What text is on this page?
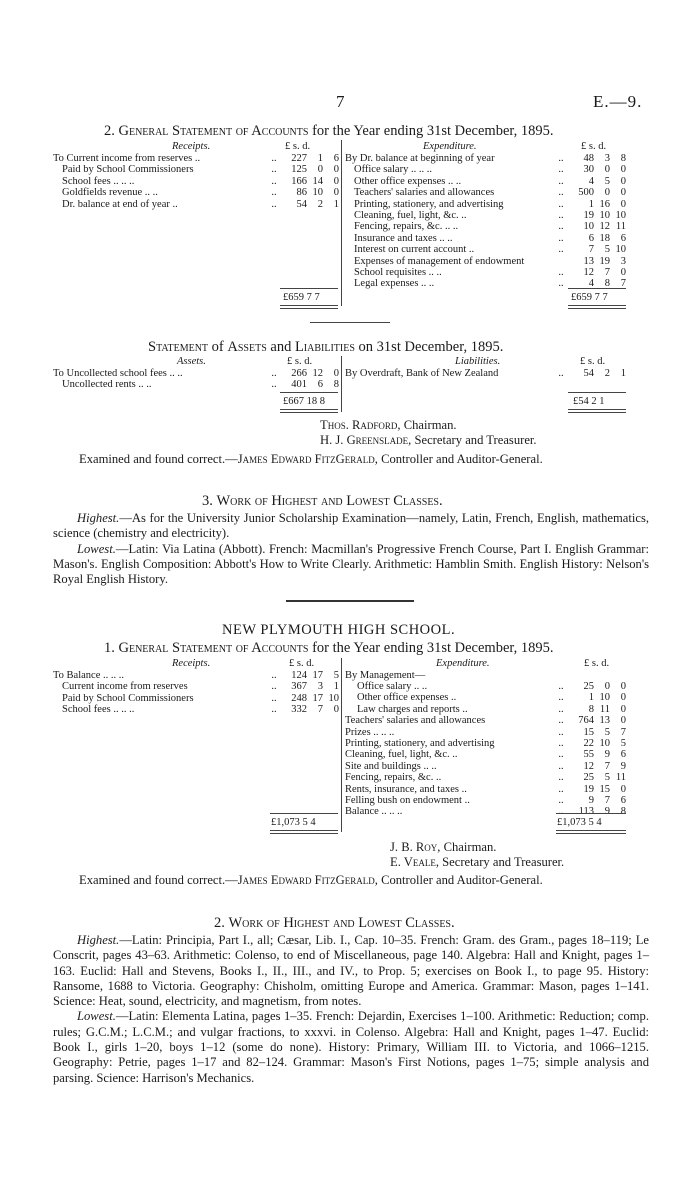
7	E.—9.
2. General Statement of Accounts for the Year ending 31st December, 1895.
Receipts.	£ s. d.	Expenditure.	£ s. d.
To Current income from reserves ..	..	227	1	6
Paid by School Commissioners	..	125	0	0
School fees .. .. ..	..	166	14	0
Goldfields revenue .. ..	..	86	10	0
Dr. balance at end of year ..	..	54	2	1
By Dr. balance at beginning of year	..	48	3	8
Office salary .. .. ..	..	30	0	0
Other office expenses .. ..	..	4	5	0
Teachers' salaries and allowances	..	500	0	0
Printing, stationery, and advertising	..	1	16	0
Cleaning, fuel, light, &c. ..	..	19	10	10
Fencing, repairs, &c. .. ..	..	10	12	11
Insurance and taxes .. ..	..	6	18	6
Interest on current account ..	..	7	5	10
Expenses of management of endowment		13	19	3
School requisites .. ..	..	12	7	0
Legal expenses .. ..	..	4	8	7
£659 7 7	£659 7 7
Statement of Assets and Liabilities on 31st December, 1895.
Assets.	£ s. d.	Liabilities.	£ s. d.
To Uncollected school fees .. ..	..	266	12	0
Uncollected rents .. ..	..	401	6	8
By Overdraft, Bank of New Zealand	..	54	2	1
£667 18 8	£54 2 1
Thos. Radford, Chairman.
H. J. Greenslade, Secretary and Treasurer.
Examined and found correct.—James Edward FitzGerald, Controller and Auditor-General.
3. Work of Highest and Lowest Classes.

Highest.—As for the University Junior Scholarship Examination—namely, Latin, French, English, mathematics, science (chemistry and electricity).

Lowest.—Latin: Via Latina (Abbott). French: Macmillan's Progressive French Course, Part I. English Grammar: Mason's. English Composition: Abbott's How to Write Clearly. Arithmetic: Hamblin Smith. English History: Nelson's Royal English History.

NEW PLYMOUTH HIGH SCHOOL.
1. General Statement of Accounts for the Year ending 31st December, 1895.
Receipts.	£ s. d.	Expenditure.	£ s. d.
To Balance .. .. ..	..	124	17	5
Current income from reserves	..	367	3	1
Paid by School Commissioners	..	248	17	10
School fees .. .. ..	..	332	7	0
By Management—
Office salary .. ..	..	25	0	0
Other office expenses ..	..	1	10	0
Law charges and reports ..	..	8	11	0
Teachers' salaries and allowances	..	764	13	0
Prizes .. .. ..	..	15	5	7
Printing, stationery, and advertising	..	22	10	5
Cleaning, fuel, light, &c. ..	..	55	9	6
Site and buildings .. ..	..	12	7	9
Fencing, repairs, &c. ..	..	25	5	11
Rents, insurance, and taxes ..	..	19	15	0
Felling bush on endowment ..	..	9	7	6
Balance .. .. ..	..	113	9	8
£1,073 5 4	£1,073 5 4
J. B. Roy, Chairman.
E. Veale, Secretary and Treasurer.
Examined and found correct.—James Edward FitzGerald, Controller and Auditor-General.
2. Work of Highest and Lowest Classes.

Highest.—Latin: Principia, Part I., all; Cæsar, Lib. I., Cap. 10–35. French: Gram. des Gram., pages 18–119; Le Conscrit, pages 43–63. Arithmetic: Colenso, to end of Miscellaneous, page 140. Algebra: Hall and Knight, pages 1–163. Euclid: Hall and Stevens, Books I., II., III., and IV., to Prop. 5; exercises on Book I., to page 95. History: Ransome, 1688 to Victoria. Geography: Chisholm, omitting Europe and America. Grammar: Mason, pages 1–141. Science: Heat, sound, electricity, and magnetism, from notes.

Lowest.—Latin: Elementa Latina, pages 1–35. French: Dejardin, Exercises 1–100. Arithmetic: Reduction; comp. rules; G.C.M.; L.C.M.; and vulgar fractions, to xxxvi. in Colenso. Algebra: Hall and Knight, pages 1–47. Euclid: Book I., girls 1–20, boys 1–12 (some do none). History: Primary, William III. to Victoria, and 1066–1215. Geography: Petrie, pages 1–17 and 82–124. Grammar: Mason's First Notions, pages 1–75; simple analysis and parsing. Science: Harrison's Mechanics.
